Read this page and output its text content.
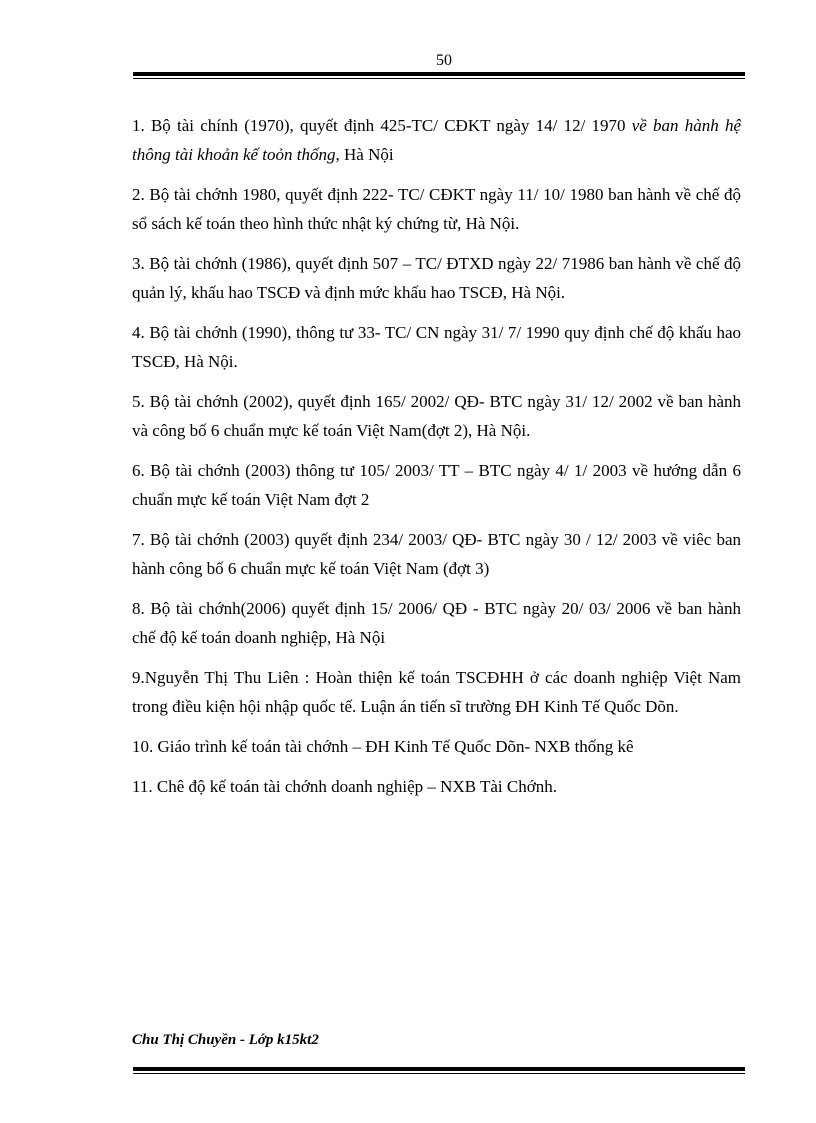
50
1. Bộ tài chính (1970), quyết định 425-TC/ CĐKT ngày 14/ 12/ 1970 về ban hành hệ thông tài khoản kế toỏn thống, Hà Nội
2. Bộ tài chớnh 1980, quyết định 222- TC/ CĐKT ngày 11/ 10/ 1980 ban hành về chế độ sổ sách kế toán theo hình thức nhật ký chứng từ, Hà Nội.
3. Bộ tài chớnh (1986), quyết định 507 – TC/ ĐTXD ngày 22/ 71986 ban hành về chế độ quản lý, khấu hao TSCĐ và định mức khấu hao TSCĐ, Hà Nội.
4. Bộ tài chớnh (1990), thông tư 33- TC/ CN ngày 31/ 7/ 1990 quy định chế độ khấu hao TSCĐ, Hà Nội.
5. Bộ tài chớnh (2002), quyết định 165/ 2002/ QĐ- BTC ngày 31/ 12/ 2002 về ban hành và công bố 6 chuẩn mực kế toán Việt Nam(đợt 2), Hà Nội.
6. Bộ tài chớnh (2003) thông tư 105/ 2003/ TT – BTC ngày 4/ 1/ 2003 về hướng dẫn 6 chuẩn mực kế toán Việt Nam đợt 2
7. Bộ tài chớnh (2003) quyết định 234/ 2003/ QĐ- BTC ngày 30 / 12/ 2003 về viêc ban hành công bố 6 chuẩn mực kế toán Việt Nam (đợt 3)
8. Bộ tài chớnh(2006) quyết định 15/ 2006/ QĐ - BTC ngày 20/ 03/ 2006 về ban hành chế độ kế toán doanh nghiệp, Hà Nội
9.Nguyễn Thị Thu Liên : Hoàn thiện kế toán TSCĐHH ở các doanh nghiệp Việt Nam trong điều kiện hội nhập quốc tế. Luận án tiến sĩ trường ĐH Kinh Tế Quốc Dõn.
10. Giáo trình kế toán tài chớnh – ĐH Kinh Tế Quốc Dõn- NXB thống kê
11. Chê độ kế toán tài chớnh doanh nghiệp – NXB Tài Chớnh.
Chu Thị Chuyền - Lớp k15kt2
